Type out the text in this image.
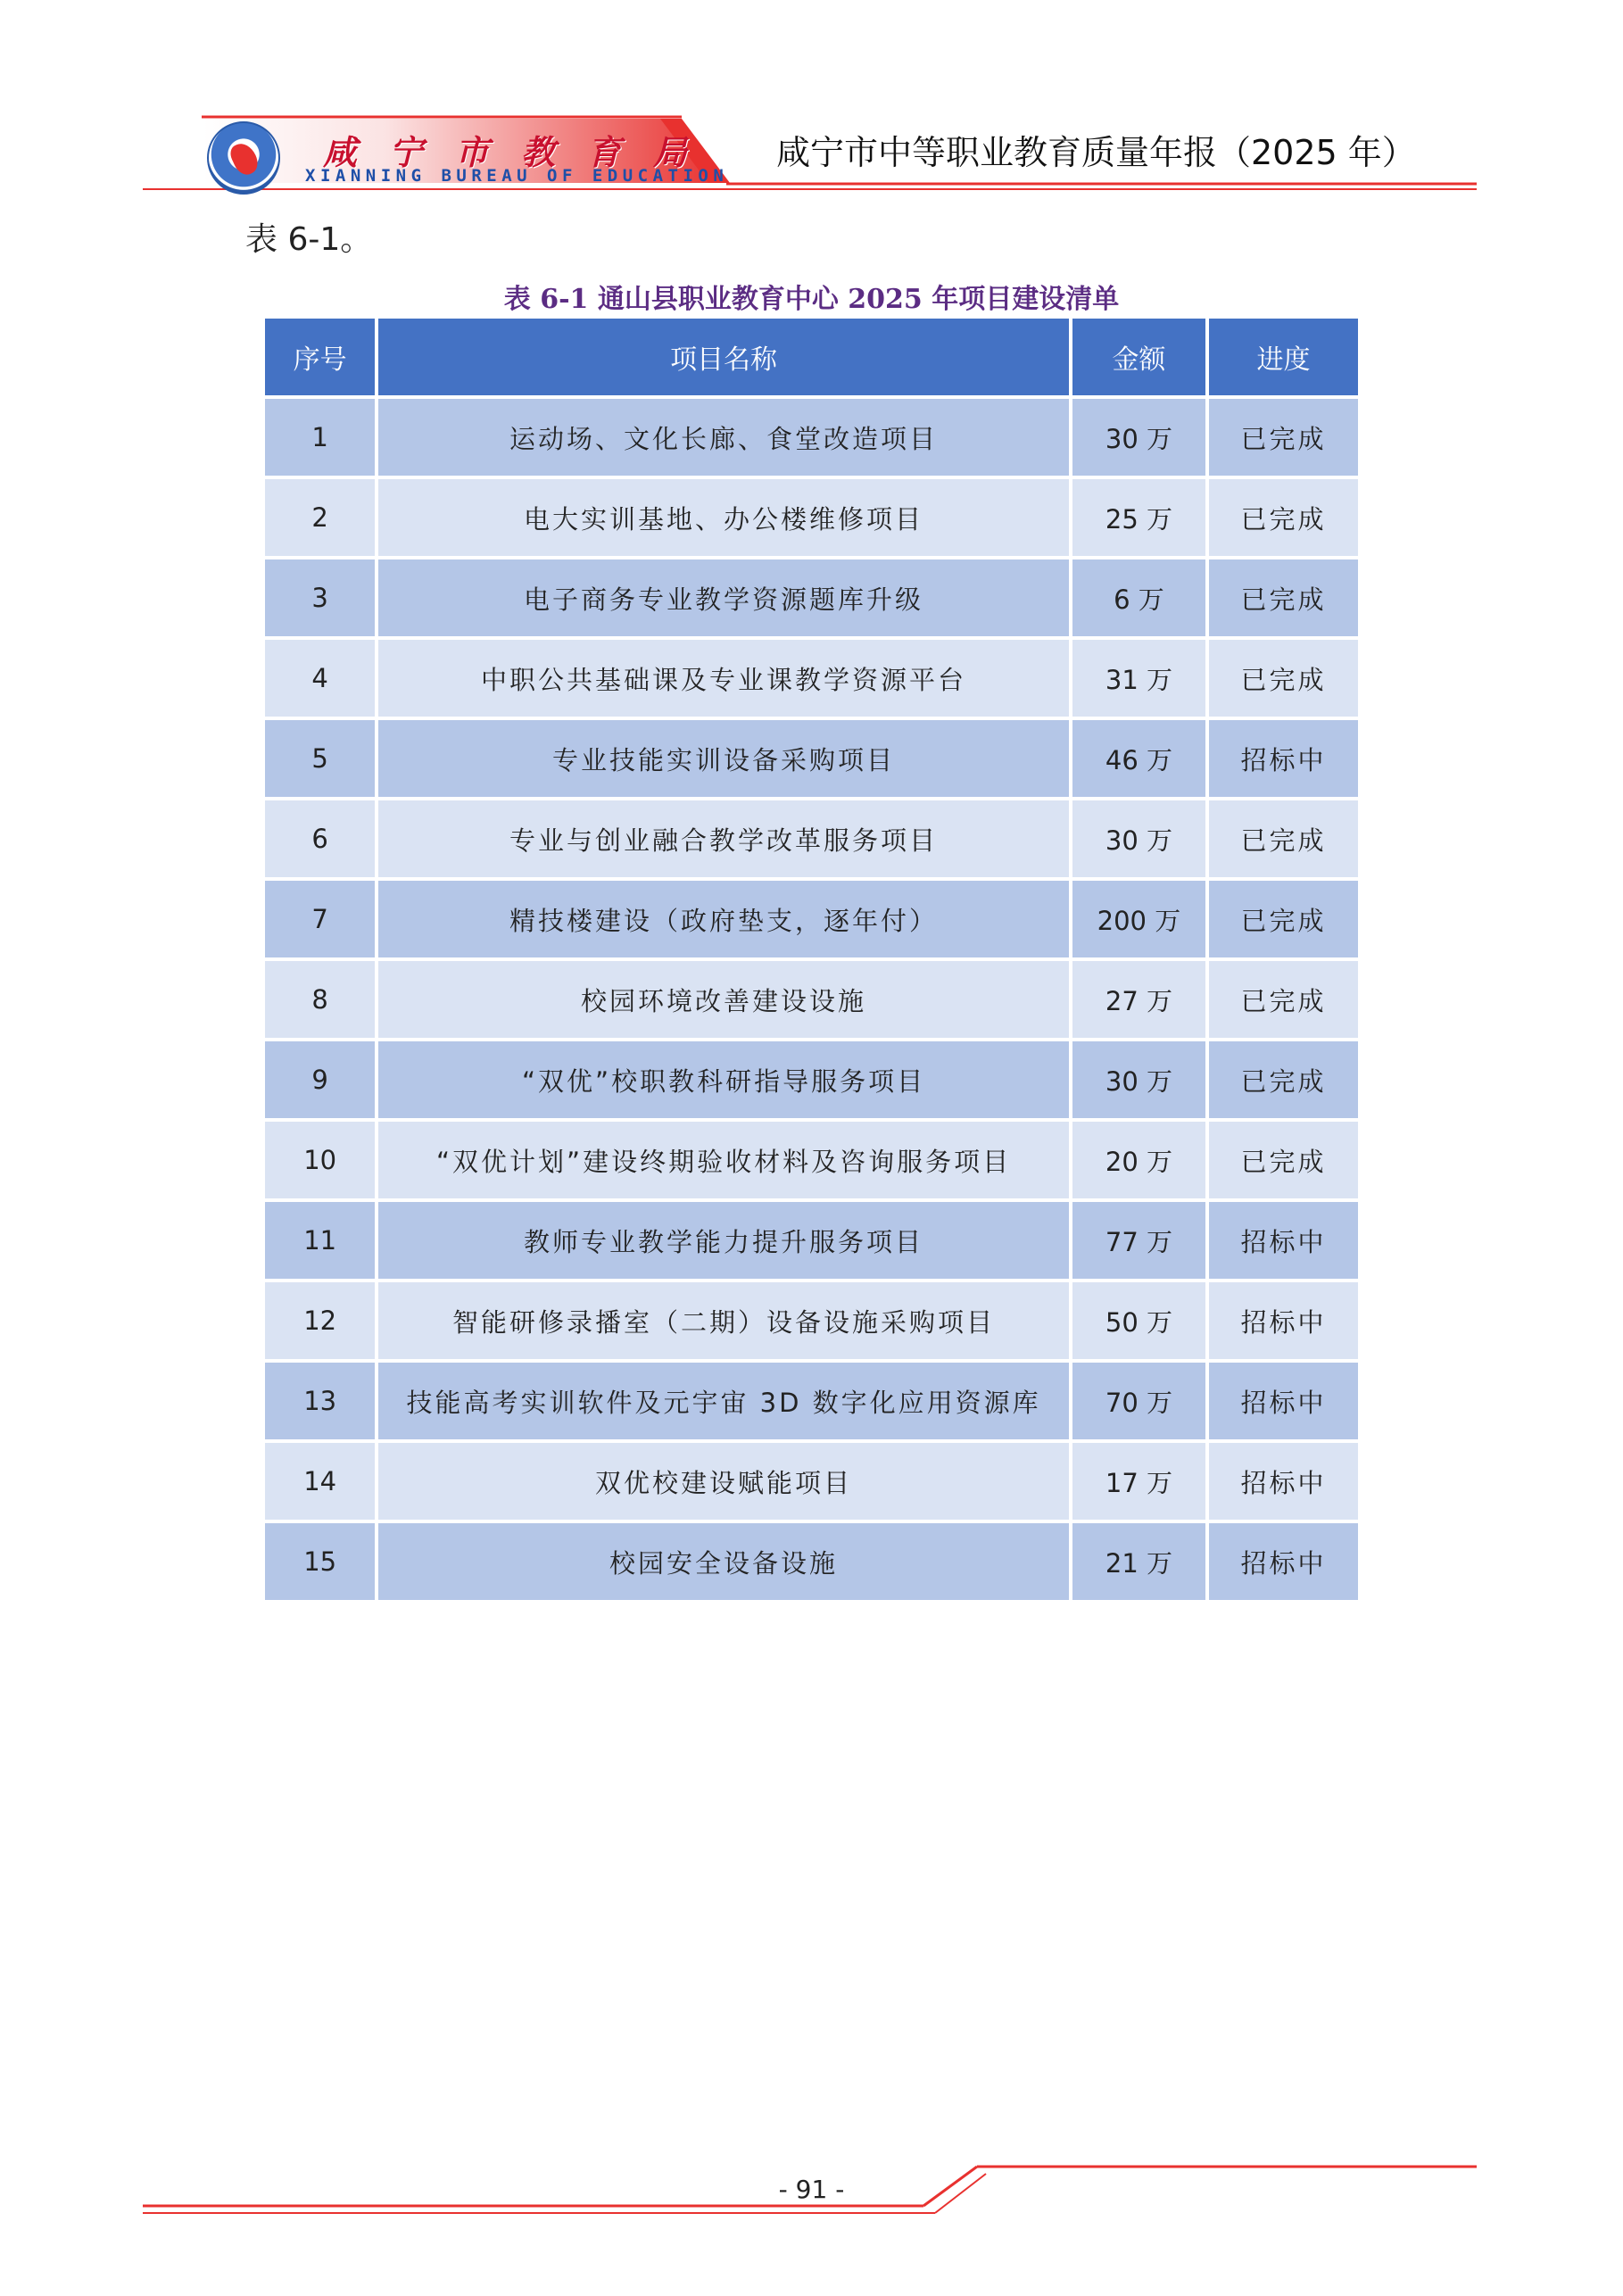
咸宁市教育局
XIANNING BUREAU OF EDUCATION
咸宁市中等职业教育质量年报（2025 年）
表 6-1。
表 6-1 通山县职业教育中心 2025 年项目建设清单
序号	项目名称	金额	进度
1	运动场、文化长廊、食堂改造项目	30 万	已完成
2	电大实训基地、办公楼维修项目	25 万	已完成
3	电子商务专业教学资源题库升级	6 万	已完成
4	中职公共基础课及专业课教学资源平台	31 万	已完成
5	专业技能实训设备采购项目	46 万	招标中
6	专业与创业融合教学改革服务项目	30 万	已完成
7	精技楼建设（政府垫支，逐年付）	200 万	已完成
8	校园环境改善建设设施	27 万	已完成
9	“双优”校职教科研指导服务项目	30 万	已完成
10	“双优计划”建设终期验收材料及咨询服务项目	20 万	已完成
11	教师专业教学能力提升服务项目	77 万	招标中
12	智能研修录播室（二期）设备设施采购项目	50 万	招标中
13	技能高考实训软件及元宇宙 3D 数字化应用资源库	70 万	招标中
14	双优校建设赋能项目	17 万	招标中
15	校园安全设备设施	21 万	招标中
- 91 -
